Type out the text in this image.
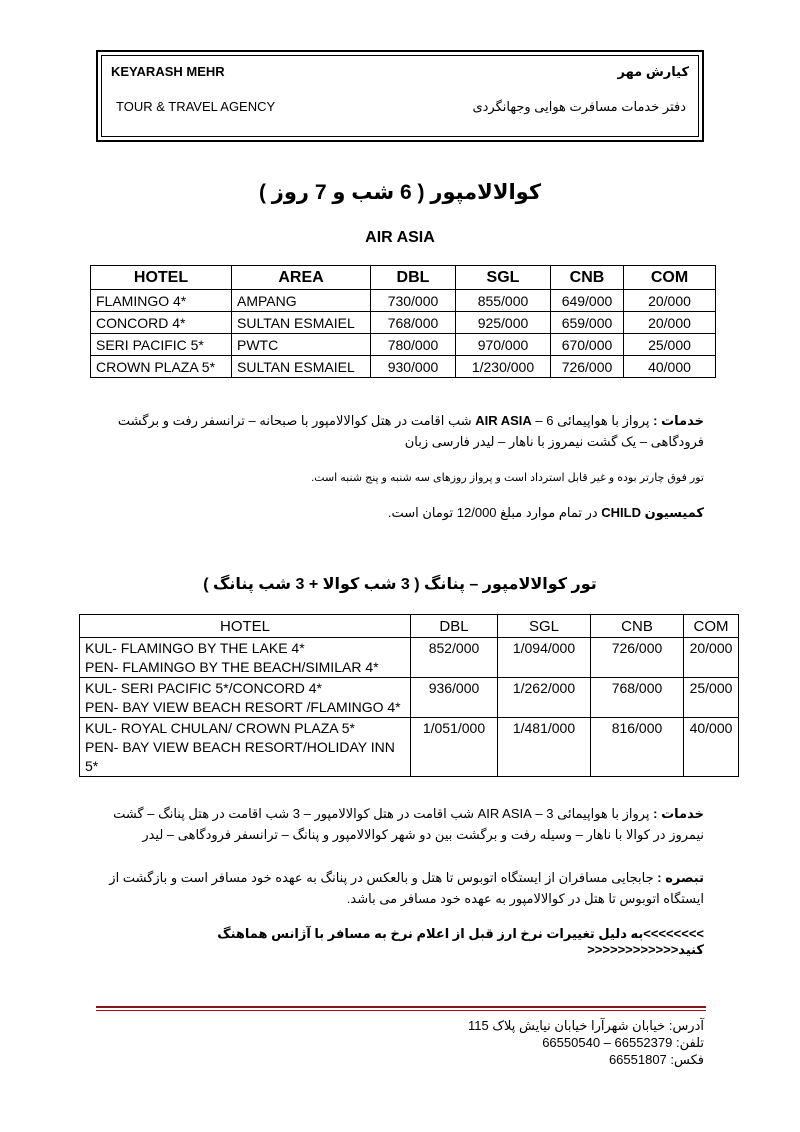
KEYARASH MEHR
TOUR & TRAVEL AGENCY
کیارش مهر
دفتر خدمات مسافرت هوایی وجهانگردی
کوالالامپور ( 6 شب و 7 روز )
AIR ASIA
HOTEL	AREA	DBL	SGL	CNB	COM
FLAMINGO 4*	AMPANG	730/000	855/000	649/000	20/000
CONCORD 4*	SULTAN ESMAIEL	768/000	925/000	659/000	20/000
SERI PACIFIC 5*	PWTC	780/000	970/000	670/000	25/000
CROWN PLAZA 5*	SULTAN ESMAIEL	930/000	1/230/000	726/000	40/000
خدمات : پرواز با هواپیمائی AIR ASIA – 6 شب اقامت در هتل کوالالامپور با صبحانه – ترانسفر رفت و برگشت فرودگاهی – یک گشت نیمروز با ناهار – لیدر فارسی زبان
تور فوق چارتر بوده و غیر قابل استرداد است و پرواز روزهای سه شنبه و پنج شنبه است.
کمیسیون CHILD در تمام موارد مبلغ 12/000 تومان است.
تور کوالالامپور – پنانگ ( 3 شب کوالا + 3 شب پنانگ )
HOTEL	DBL	SGL	CNB	COM

KUL- FLAMINGO BY THE LAKE 4*
PEN- FLAMINGO BY THE BEACH/SIMILAR 4*	852/000	1/094/000	726/000	20/000

KUL- SERI PACIFIC 5*/CONCORD 4*
PEN- BAY VIEW BEACH RESORT /FLAMINGO 4*	936/000	1/262/000	768/000	25/000

KUL- ROYAL CHULAN/ CROWN PLAZA 5*
PEN- BAY VIEW BEACH RESORT/HOLIDAY INN 5*	1/051/000	1/481/000	816/000	40/000
خدمات : پرواز با هواپیمائی AIR ASIA – 3 شب اقامت در هتل کوالالامپور – 3 شب اقامت در هتل پنانگ – گشت نیمروز در کوالا با ناهار – وسیله رفت و برگشت بین دو شهر کوالالامپور و پنانگ – ترانسفر فرودگاهی – لیدر
تبصره : جابجایی مسافران از ایستگاه اتوبوس تا هتل و بالعکس در پنانگ به عهده خود مسافر است و بازگشت از ایستگاه اتوبوس تا هتل در کوالالامپور به عهده خود مسافر می باشد.
>>>>>>>>به دلیل تغییرات نرخ ارز قبل از اعلام نرخ به مسافر با آژانس هماهنگ کنید<<<<<<<<<<<<
آدرس: خیابان شهرآرا خیابان نیایش پلاک 115
تلفن: 66552379 – 66550540
فکس: 66551807
